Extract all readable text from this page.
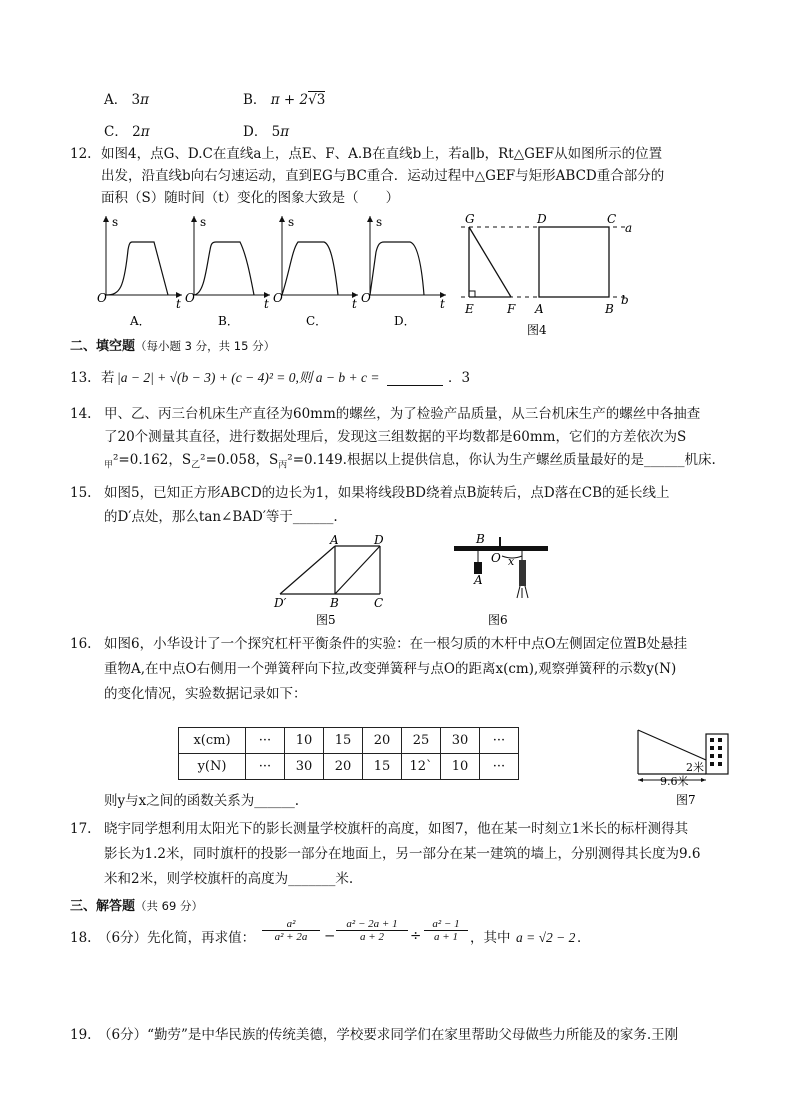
A． 3π	B． π + 2√3
C． 2π	D． 5π
12. 如图4，点G、D.C在直线a上，点E、F、A.B在直线b上，若a∥b，Rt△GEF从如图所示的位置
出发，沿直线b向右匀速运动，直到EG与BC重合．运动过程中△GEF与矩形ABCD重合部分的
面积（S）随时间（t）变化的图象大致是（　　）
s
t
O
A．
s
t
O
B．
s
t
O
C．
s
t
O
D．
G	D	C
a
E	F A	B
b
图4
二、填空题（每小题 3 分，共 15 分）
13. 若 |a − 2| + √(b − 3) + (c − 4)² = 0,则 a − b + c =	．3
14. 甲、乙、丙三台机床生产直径为60mm的螺丝，为了检验产品质量，从三台机床生产的螺丝中各抽查
了20个测量其直径，进行数据处理后，发现这三组数据的平均数都是60mm，它们的方差依次为S
$_甲$²=0.162，$S_乙^2=0.058$，$S_丙^2=0.149$.根据以上提供信息，你认为生产螺丝质量最好的是______机床.
15. 如图5，已知正方形ABCD的边长为1，如果将线段BD绕着点B旋转后，点D落在CB的延长线上
的D′点处，那么tan∠BAD′等于______.
A	D
D′	B	C
图5
B
O x
A
图6
16. 如图6，小华设计了一个探究杠杆平衡条件的实验：在一根匀质的木杆中点O左侧固定位置B处悬挂
重物A,在中点O右侧用一个弹簧秤向下拉,改变弹簧秤与点O的距离x(cm),观察弹簧秤的示数y(N)
的变化情况，实验数据记录如下：
x(cm)	···	10	15	20	25	30	···
y(N)	···	30	20	15	12`	10	···
则y与x之间的函数关系为______.
2米
9.6米
图7
17. 晓宇同学想利用太阳光下的影长测量学校旗杆的高度，如图7，他在某一时刻立1米长的标杆测得其
影长为1.2米，同时旗杆的投影一部分在地面上，另一部分在某一建筑的墙上，分别测得其长度为9.6
米和2米，则学校旗杆的高度为_______米.
三、解答题（共 69 分）
18. （6分）先化简，再求值：
a²
a² + 2a	−
a² − 2a + 1
a + 2	÷
a² − 1
a + 1 ，其中 a = √2 − 2 ．
19. （6分）“勤劳”是中华民族的传统美德，学校要求同学们在家里帮助父母做些力所能及的家务.王刚
